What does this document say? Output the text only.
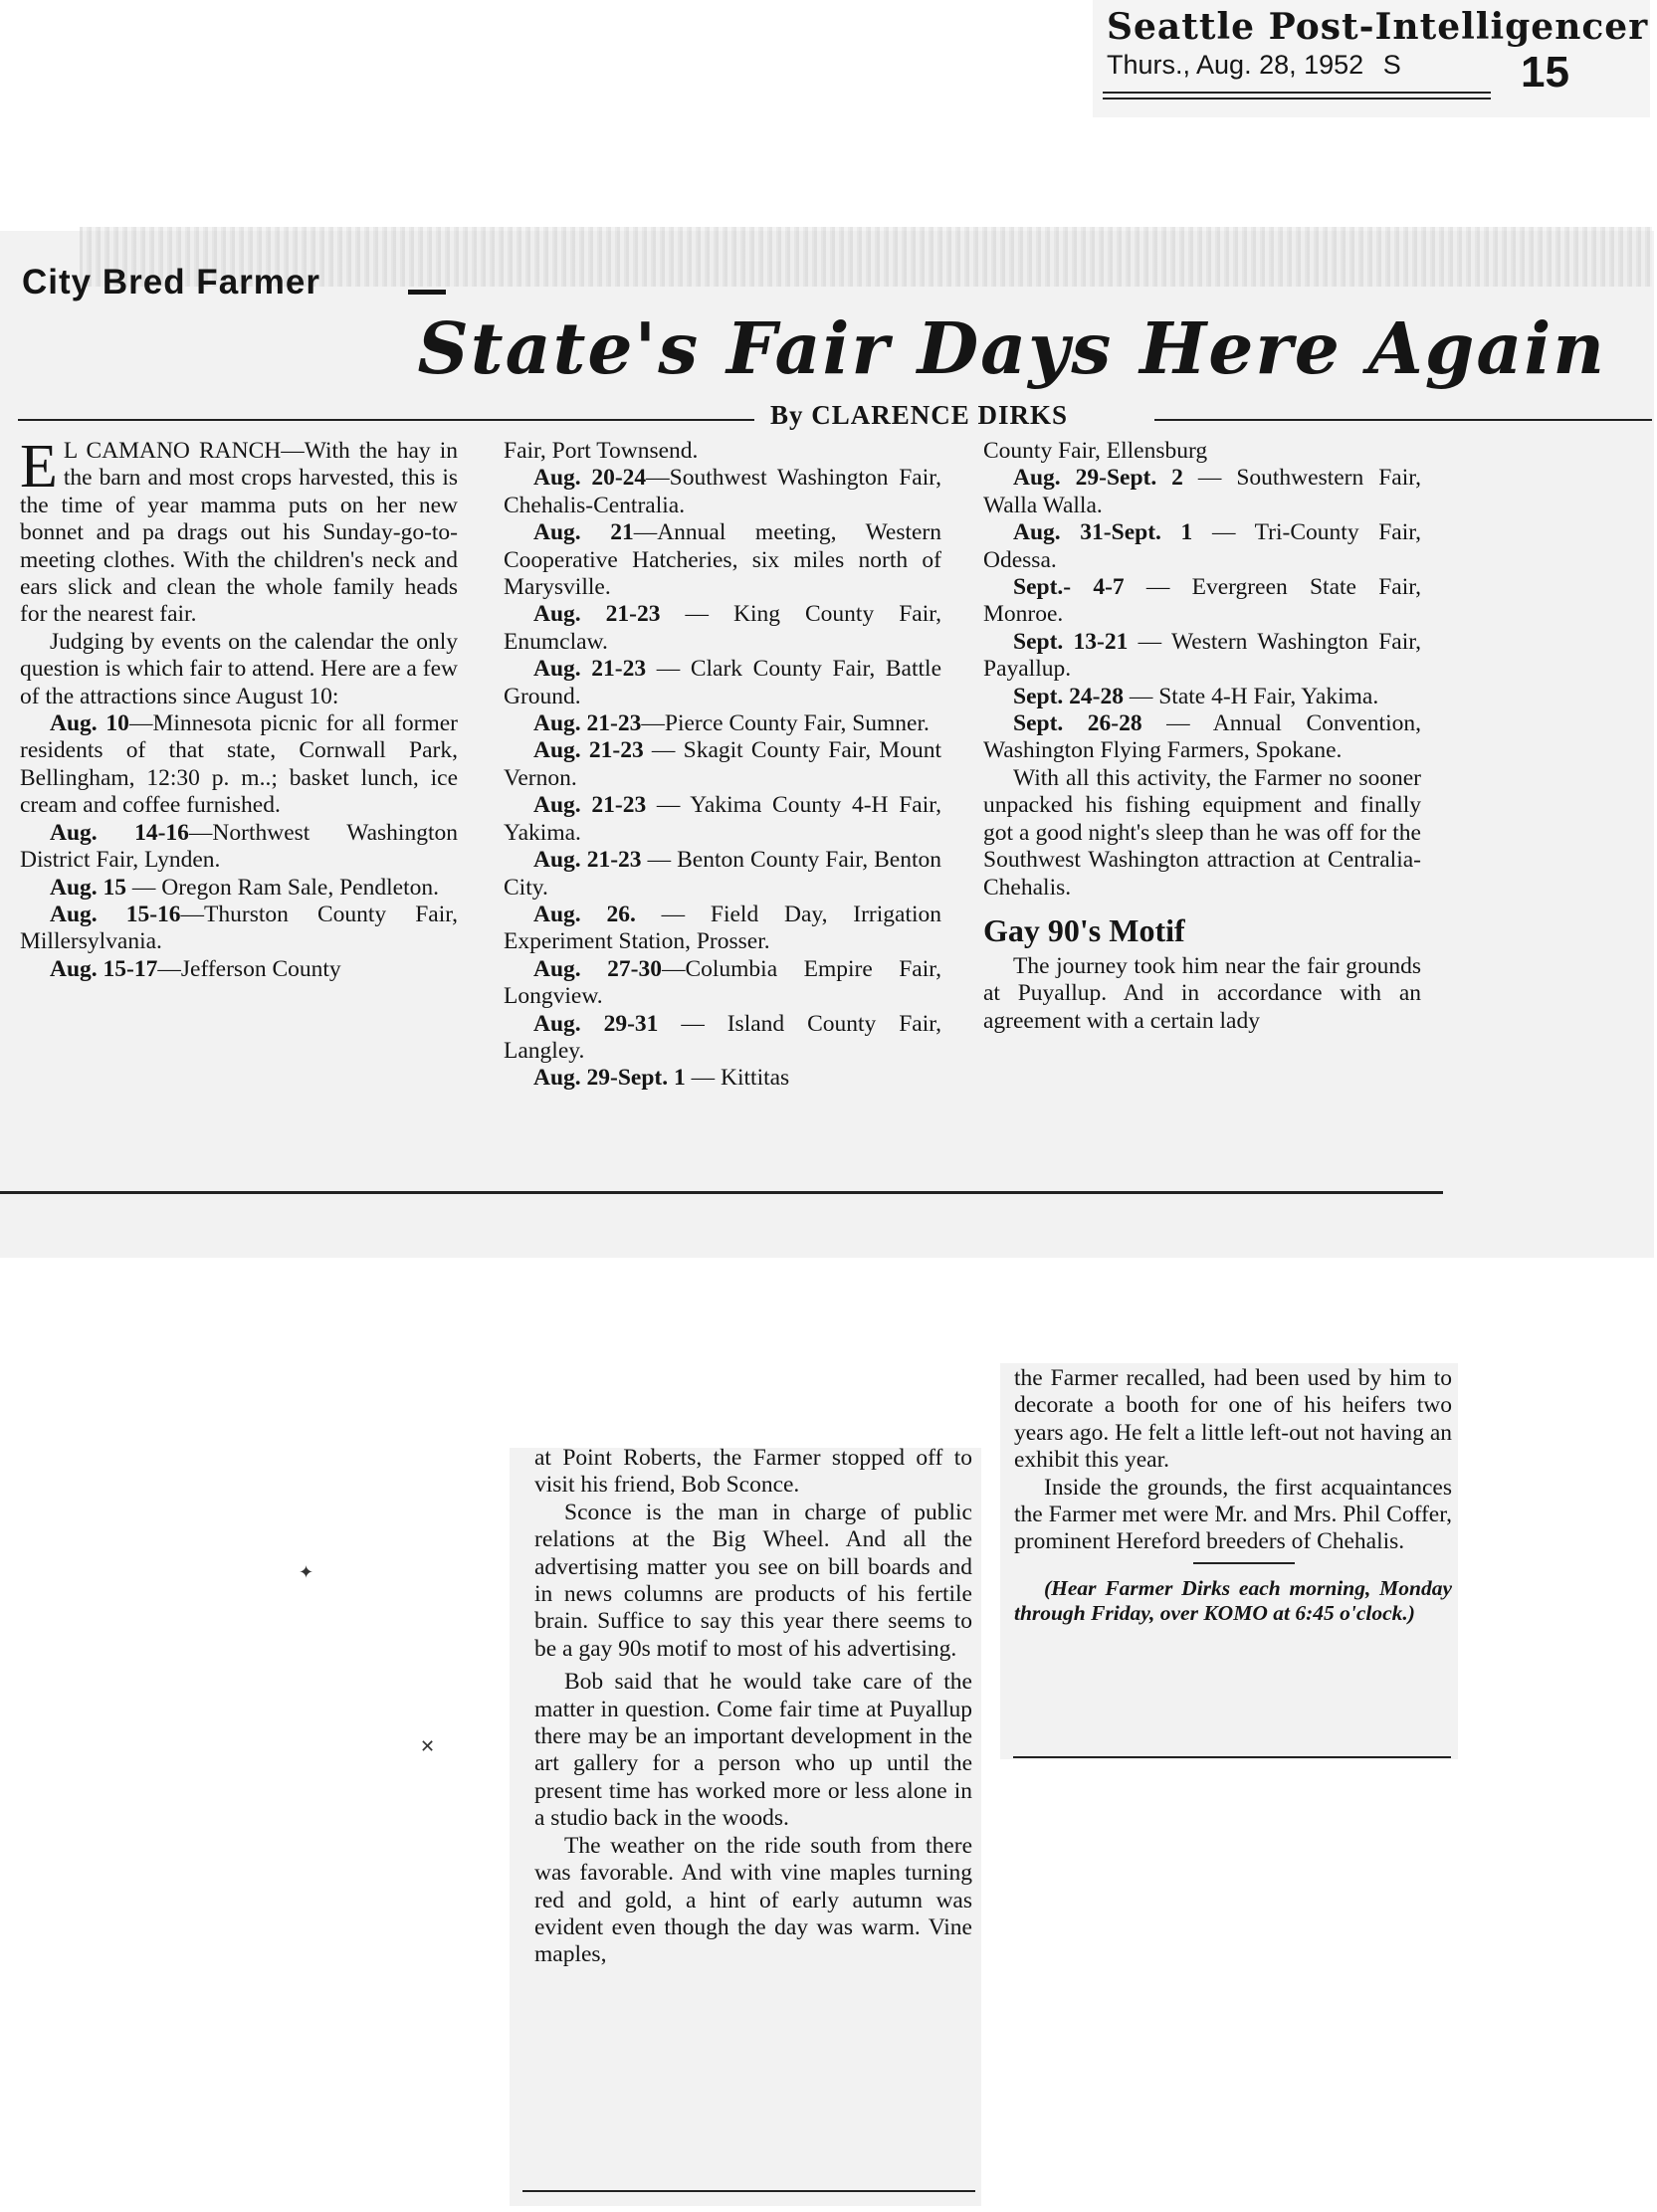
Seattle Post-Intelligencer
Thurs., Aug. 28, 1952 S	15
City Bred Farmer
State's Fair Days Here Again
By CLARENCE DIRKS

E L CAMANO RANCH—With the hay in the barn and most crops harvested, this is the time of year mamma puts on her new bonnet and pa drags out his Sunday-go-to-meeting clothes. With the children's neck and ears slick and clean the whole family heads for the nearest fair.

Judging by events on the calendar the only question is which fair to attend. Here are a few of the attractions since August 10:

Aug. 10—Minnesota picnic for all former residents of that state, Cornwall Park, Bellingham, 12:30 p. m..; basket lunch, ice cream and coffee furnished.

Aug. 14-16—Northwest Washington District Fair, Lynden.

Aug. 15 — Oregon Ram Sale, Pendleton.

Aug. 15-16—Thurston County Fair, Millersylvania.

Aug. 15-17—Jefferson County

Fair, Port Townsend.

Aug. 20-24—Southwest Washington Fair, Chehalis-Centralia.

Aug. 21—Annual meeting, Western Cooperative Hatcheries, six miles north of Marysville.

Aug. 21-23 — King County Fair, Enumclaw.

Aug. 21-23 — Clark County Fair, Battle Ground.

Aug. 21-23—Pierce County Fair, Sumner.

Aug. 21-23 — Skagit County Fair, Mount Vernon.

Aug. 21-23 — Yakima County 4-H Fair, Yakima.

Aug. 21-23 — Benton County Fair, Benton City.

Aug. 26. — Field Day, Irrigation Experiment Station, Prosser.

Aug. 27-30—Columbia Empire Fair, Longview.

Aug. 29-31 — Island County Fair, Langley.

Aug. 29-Sept. 1 — Kittitas

County Fair, Ellensburg

Aug. 29-Sept. 2 — Southwestern Fair, Walla Walla.

Aug. 31-Sept. 1 — Tri-County Fair, Odessa.

Sept.- 4-7 — Evergreen State Fair, Monroe.

Sept. 13-21 — Western Washington Fair, Payallup.

Sept. 24-28 — State 4-H Fair, Yakima.

Sept. 26-28 — Annual Convention, Washington Flying Farmers, Spokane.

With all this activity, the Farmer no sooner unpacked his fishing equipment and finally got a good night's sleep than he was off for the Southwest Washington attraction at Centralia-Chehalis.

Gay 90's Motif

The journey took him near the fair grounds at Puyallup. And in accordance with an agreement with a certain lady

at Point Roberts, the Farmer stopped off to visit his friend, Bob Sconce.

Sconce is the man in charge of public relations at the Big Wheel. And all the advertising matter you see on bill boards and in news columns are products of his fertile brain. Suffice to say this year there seems to be a gay 90s motif to most of his advertising.

Bob said that he would take care of the matter in question. Come fair time at Puyallup there may be an important development in the art gallery for a person who up until the present time has worked more or less alone in a studio back in the woods.

The weather on the ride south from there was favorable. And with vine maples turning red and gold, a hint of early autumn was evident even though the day was warm. Vine maples,

the Farmer recalled, had been used by him to decorate a booth for one of his heifers two years ago. He felt a little left-out not having an exhibit this year.

Inside the grounds, the first acquaintances the Farmer met were Mr. and Mrs. Phil Coffer, prominent Hereford breeders of Chehalis.

(Hear Farmer Dirks each morning, Monday through Friday, over KOMO at 6:45 o'clock.)
✦
✕
